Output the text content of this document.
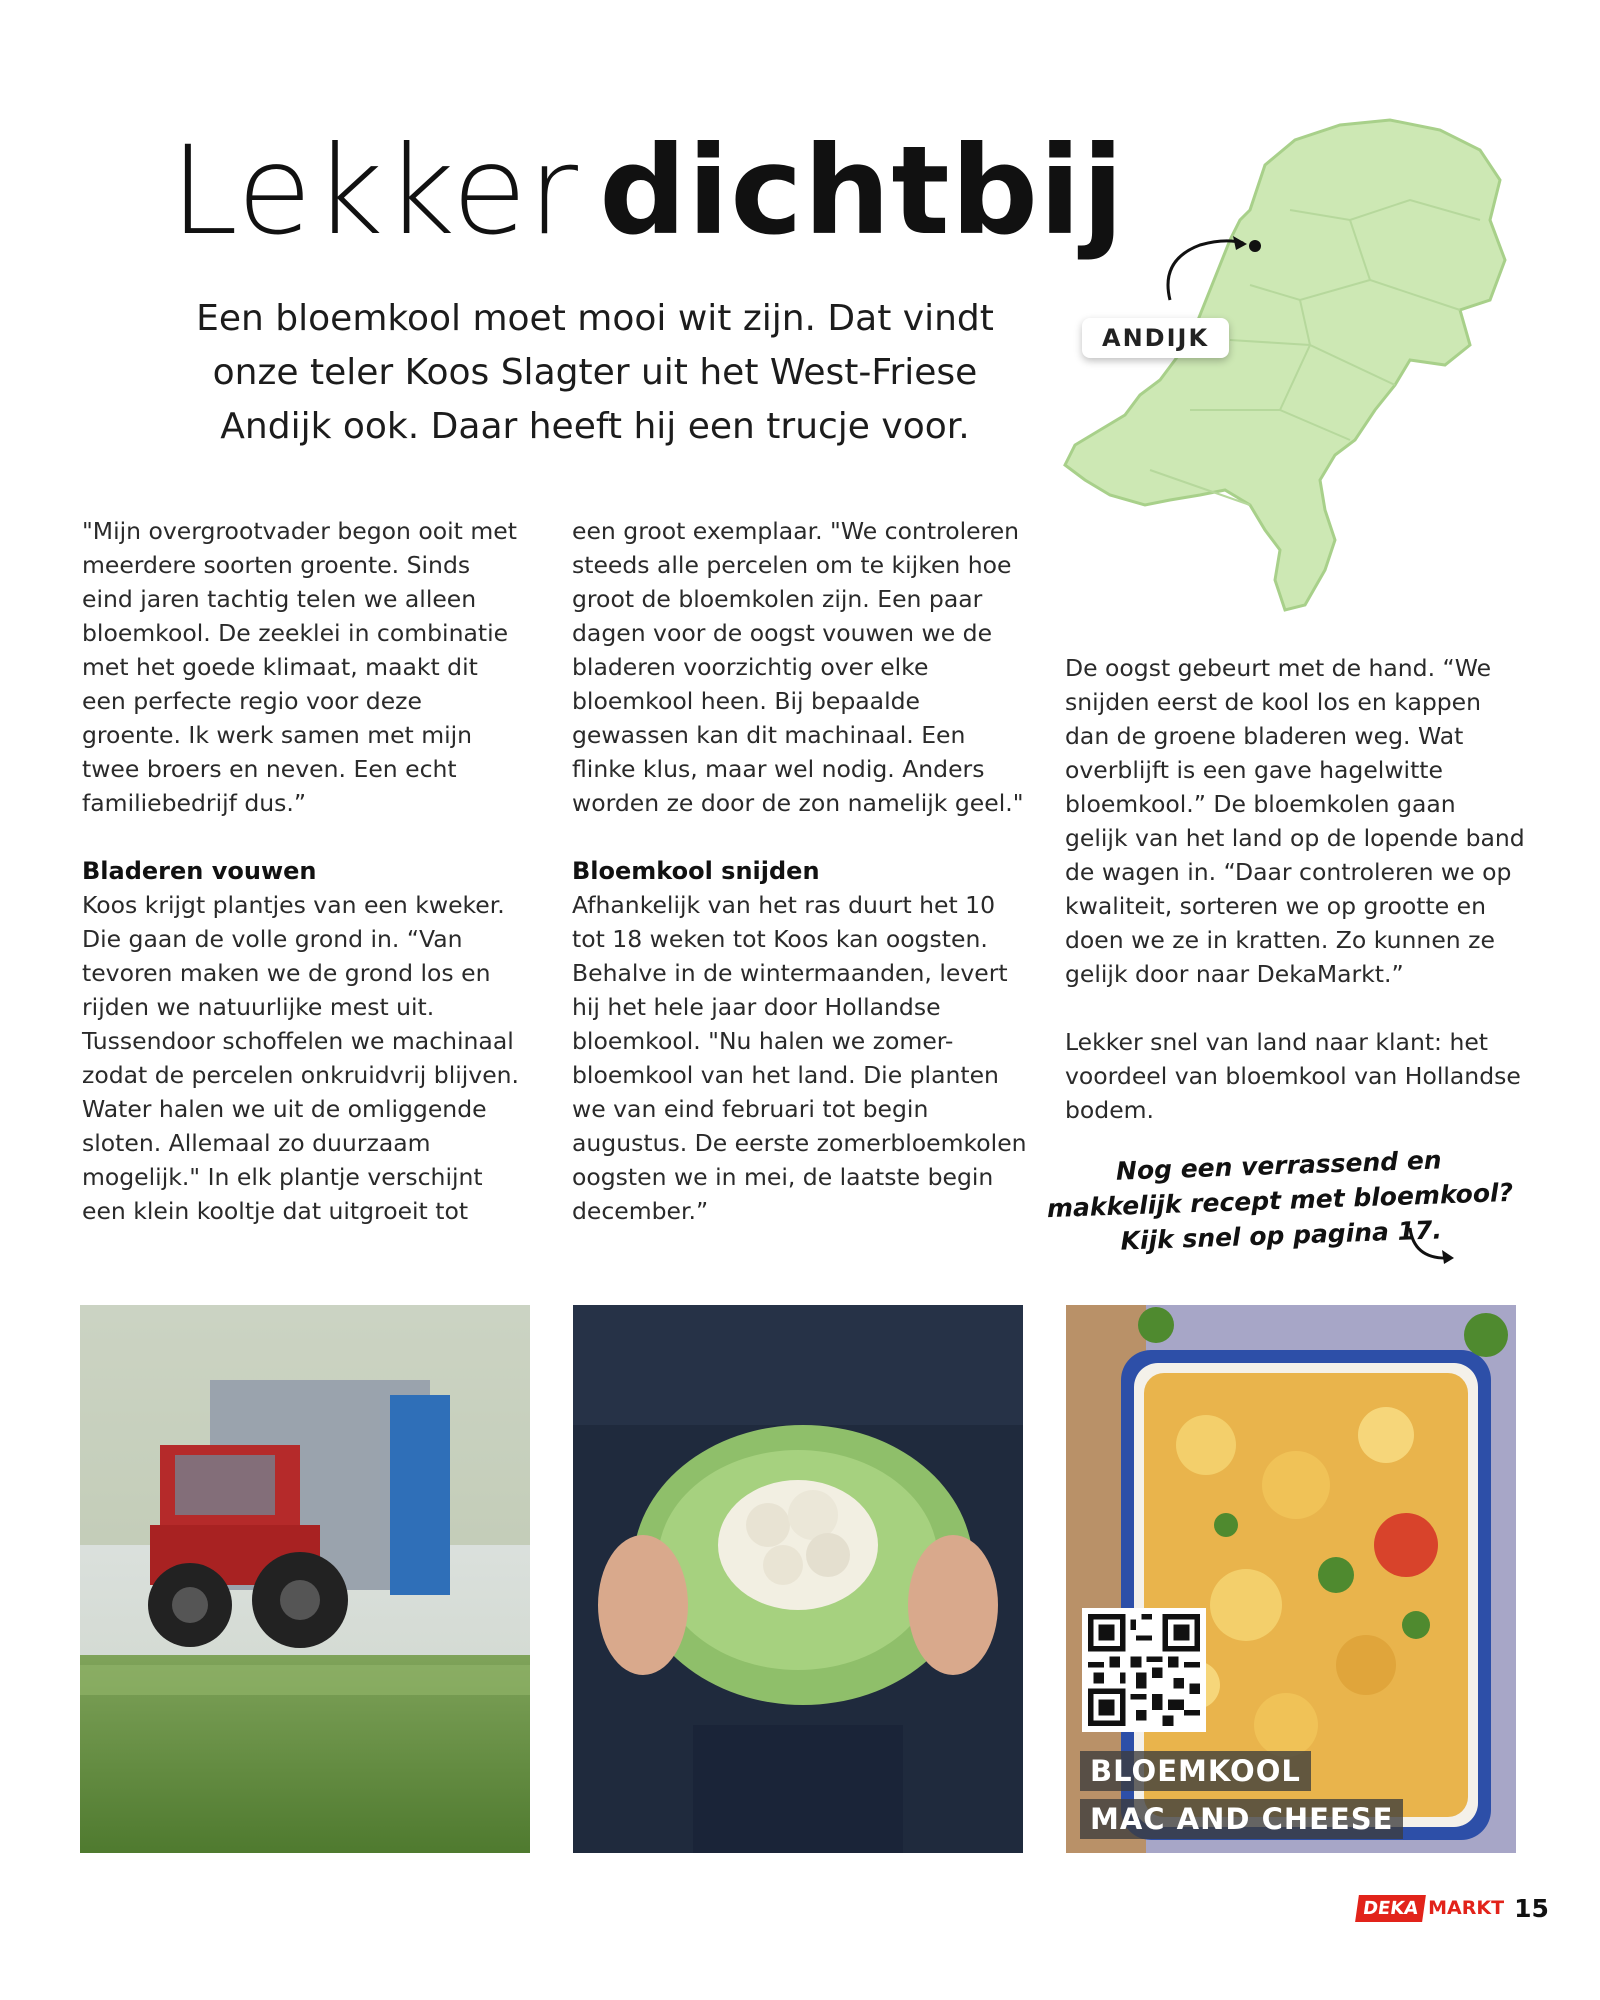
Lekker dichtbij
Een bloemkool moet mooi wit zijn. Dat vindt onze teler Koos Slagter uit het West-Friese Andijk ook. Daar heeft hij een trucje voor.
ANDIJK

"Mijn overgrootvader begon ooit met meerdere soorten groente. Sinds eind jaren tachtig telen we alleen bloemkool. De zeeklei in combinatie met het goede klimaat, maakt dit een perfecte regio voor deze groente. Ik werk samen met mijn twee broers en neven. Een echt familiebedrijf dus.”

Bladeren vouwen

Koos krijgt plantjes van een kweker. Die gaan de volle grond in. “Van tevoren maken we de grond los en rijden we natuurlijke mest uit. Tussendoor schoffelen we machinaal zodat de percelen onkruidvrij blijven. Water halen we uit de omliggende sloten. Allemaal zo duurzaam mogelijk." In elk plantje verschijnt een klein kooltje dat uitgroeit tot

een groot exemplaar. "We controleren steeds alle percelen om te kijken hoe groot de bloemkolen zijn. Een paar dagen voor de oogst vouwen we de bladeren voorzichtig over elke bloemkool heen. Bij bepaalde gewassen kan dit machinaal. Een flinke klus, maar wel nodig. Anders worden ze door de zon namelijk geel."

Bloemkool snijden

Afhankelijk van het ras duurt het 10 tot 18 weken tot Koos kan oogsten. Behalve in de wintermaanden, levert hij het hele jaar door Hollandse bloemkool. "Nu halen we zomer-bloemkool van het land. Die planten we van eind februari tot begin augustus. De eerste zomerbloemkolen oogsten we in mei, de laatste begin december.”

De oogst gebeurt met de hand. “We snijden eerst de kool los en kappen dan de groene bladeren weg. Wat overblijft is een gave hagelwitte bloemkool.” De bloemkolen gaan gelijk van het land op de lopende band de wagen in. “Daar controleren we op kwaliteit, sorteren we op grootte en doen we ze in kratten. Zo kunnen ze gelijk door naar DekaMarkt.”

Lekker snel van land naar klant: het voordeel van bloemkool van Hollandse bodem.

Nog een verrassend en
makkelijk recept met bloemkool?
Kijk snel op pagina 17.
BLOEMKOOL
MAC AND CHEESE
DEKA MARKT 15
